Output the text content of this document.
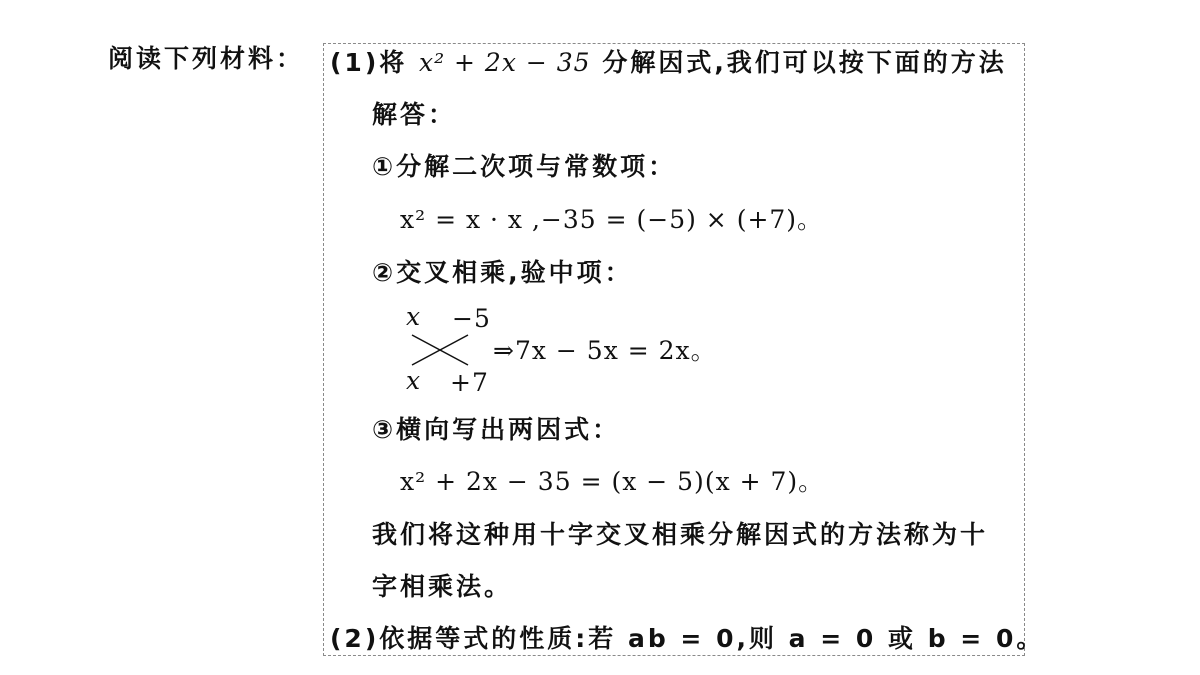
阅读下列材料： (1)将 x² + 2x − 35 分解因式,我们可以按下面的方法
解答：
①分解二次项与常数项：
x² = x · x ,−35 = (−5) × (+7)。
②交叉相乘,验中项：
x −5
⇒7x − 5x = 2x。
x +7
③横向写出两因式：
x² + 2x − 35 = (x − 5)(x + 7)。
我们将这种用十字交叉相乘分解因式的方法称为十
字相乘法。
(2)依据等式的性质:若 ab = 0,则 a = 0 或 b = 0。
